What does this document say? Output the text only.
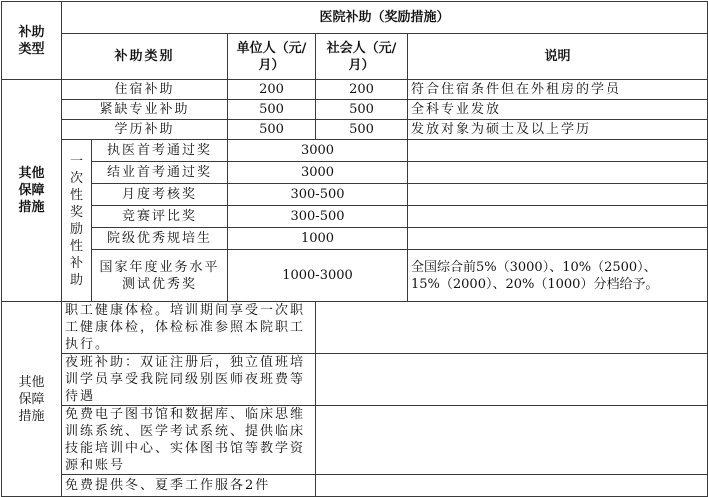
补助类型	医院补助（奖励措施）				
	补助类别		单位人（元/月）	社会人（元/月）	说明
其他保障措施	住宿补助		200	200	符合住宿条件但在外租房的学员
	紧缺专业补助		500	500	全科专业发放
	学历补助		500	500	发放对象为硕士及以上学历
	一次性奖励性补助	执医首考通过奖	3000		
		结业首考通过奖	3000		
		月度考核奖	300-500		
		竞赛评比奖	300-500		
		院级优秀规培生	1000		
		国家年度业务水平测试优秀奖	1000-3000		全国综合前5%（3000）、10%（2500）、15%（2000）、20%（1000）分档给予。
其他保障措施	职工健康体检。培训期间享受一次职工健康体检，体检标准参照本院职工执行。				
	夜班补助：双证注册后，独立值班培训学员享受我院同级别医师夜班费等待遇				
	免费电子图书馆和数据库、临床思维训练系统、医学考试系统、提供临床技能培训中心、实体图书馆等教学资源和账号				
	免费提供冬、夏季工作服各2件				
